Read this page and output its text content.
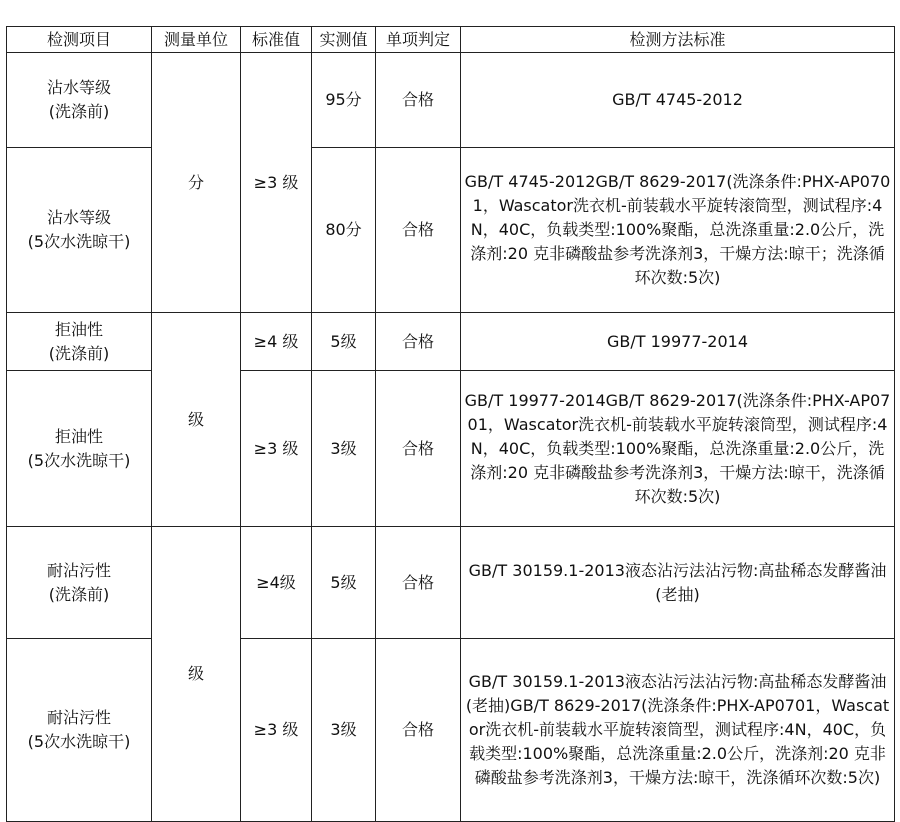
检测项目	测量单位	标准值	实测值	单项判定	检测方法标准

沾水等级
(洗涤前)	分	≥3 级	95分	合格	GB/T 4745-2012

沾水等级
(5次水洗晾干)			80分	合格	GB/T 4745-2012GB/T 8629-2017(洗涤条件:PHX-AP0701，Wascator洗衣机-前装载水平旋转滚筒型，测试程序:4N，40C，负载类型:100%聚酯，总洗涤重量:2.0公斤，洗涤剂:20 克非磷酸盐参考洗涤剂3，干燥方法:晾干；洗涤循环次数:5次)

拒油性
(洗涤前)	级	≥4 级	5级	合格	GB/T 19977-2014

拒油性
(5次水洗晾干)		≥3 级	3级	合格	GB/T 19977-2014GB/T 8629-2017(洗涤条件:PHX-AP0701，Wascator洗衣机-前装载水平旋转滚筒型，测试程序:4N，40C，负载类型:100%聚酯，总洗涤重量:2.0公斤，洗涤剂:20 克非磷酸盐参考洗涤剂3，干燥方法:晾干，洗涤循环次数:5次)

耐沾污性
(洗涤前)	级	≥4级	5级	合格	GB/T 30159.1-2013液态沾污法沾污物:高盐稀态发酵酱油(老抽)

耐沾污性
(5次水洗晾干)		≥3 级	3级	合格	GB/T 30159.1-2013液态沾污法沾污物:高盐稀态发酵酱油(老抽)GB/T 8629-2017(洗涤条件:PHX-AP0701，Wascator洗衣机-前装载水平旋转滚筒型，测试程序:4N，40C，负载类型:100%聚酯，总洗涤重量:2.0公斤，洗涤剂:20 克非磷酸盐参考洗涤剂3，干燥方法:晾干，洗涤循环次数:5次)
